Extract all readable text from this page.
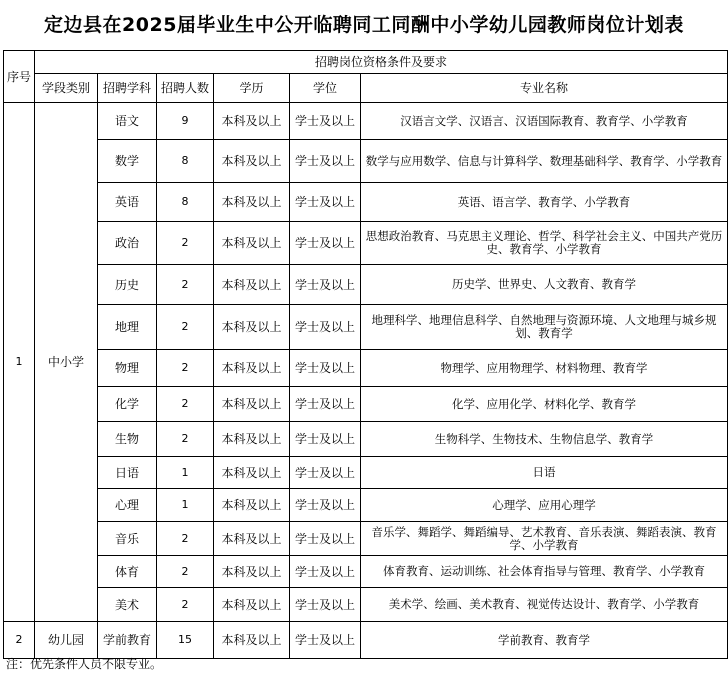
定边县在2025届毕业生中公开临聘同工同酬中小学幼儿园教师岗位计划表
序号	招聘岗位资格条件及要求					
	学段类别	招聘学科	招聘人数	学历	学位	专业名称
1	中小学	语文	9	本科及以上	学士及以上	汉语言文学、汉语言、汉语国际教育、教育学、小学教育
		数学	8	本科及以上	学士及以上	数学与应用数学、信息与计算科学、数理基础科学、教育学、小学教育
		英语	8	本科及以上	学士及以上	英语、语言学、教育学、小学教育
		政治	2	本科及以上	学士及以上	思想政治教育、马克思主义理论、哲学、科学社会主义、中国共产党历史、教育学、小学教育
		历史	2	本科及以上	学士及以上	历史学、世界史、人文教育、教育学
		地理	2	本科及以上	学士及以上	地理科学、地理信息科学、自然地理与资源环境、人文地理与城乡规划、教育学
		物理	2	本科及以上	学士及以上	物理学、应用物理学、材料物理、教育学
		化学	2	本科及以上	学士及以上	化学、应用化学、材料化学、教育学
		生物	2	本科及以上	学士及以上	生物科学、生物技术、生物信息学、教育学
		日语	1	本科及以上	学士及以上	日语
		心理	1	本科及以上	学士及以上	心理学、应用心理学
		音乐	2	本科及以上	学士及以上	音乐学、舞蹈学、舞蹈编导、艺术教育、音乐表演、舞蹈表演、教育学、小学教育
		体育	2	本科及以上	学士及以上	体育教育、运动训练、社会体育指导与管理、教育学、小学教育
		美术	2	本科及以上	学士及以上	美术学、绘画、美术教育、视觉传达设计、教育学、小学教育
2	幼儿园	学前教育	15	本科及以上	学士及以上	学前教育、教育学
注：优先条件人员不限专业。
